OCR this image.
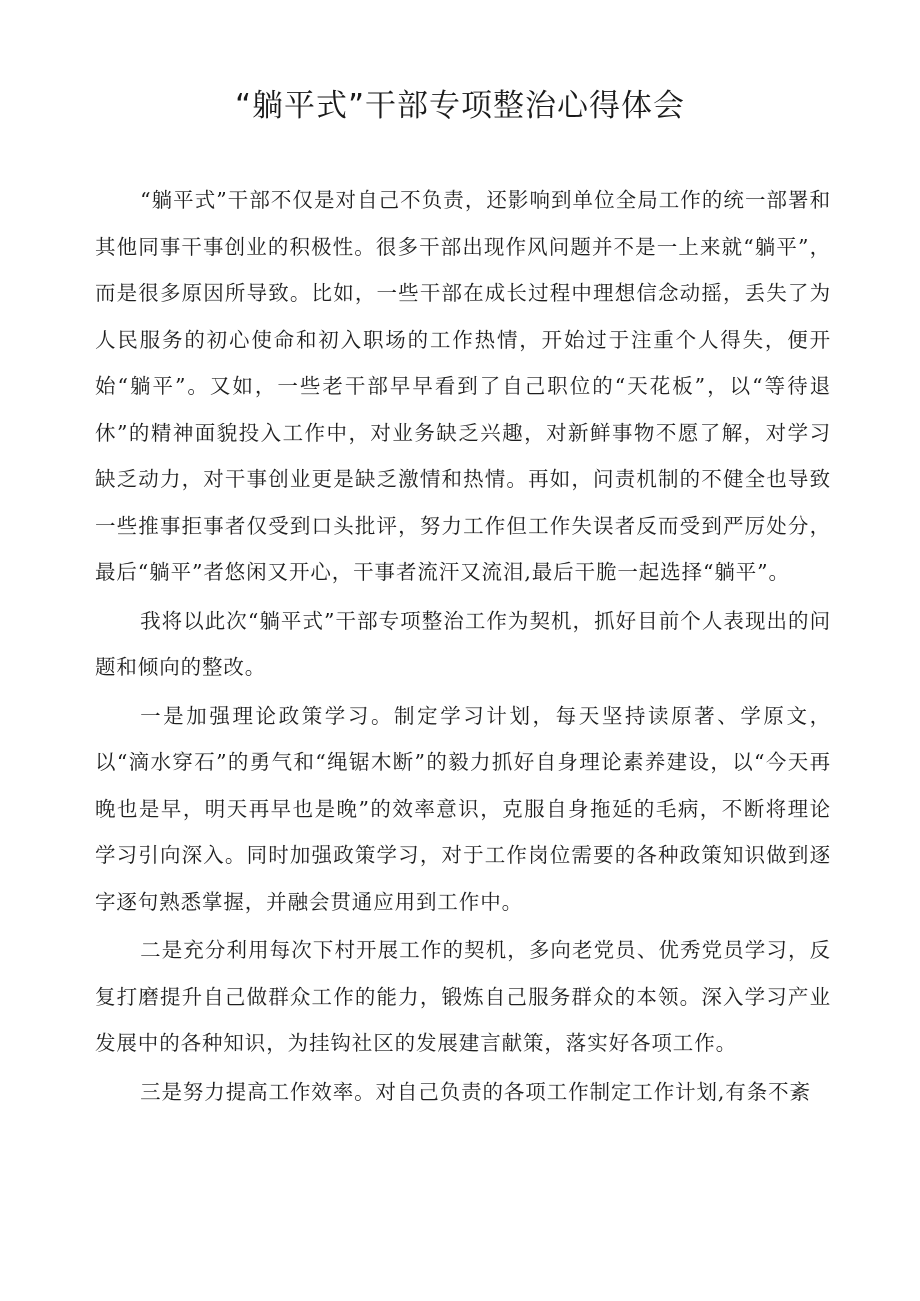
“躺平式”干部专项整治心得体会

“躺平式”干部不仅是对自己不负责，还影响到单位全局工作的统一部署和其他同事干事创业的积极性。很多干部出现作风问题并不是一上来就“躺平”，而是很多原因所导致。比如，一些干部在成长过程中理想信念动摇，丢失了为人民服务的初心使命和初入职场的工作热情，开始过于注重个人得失，便开始“躺平”。又如，一些老干部早早看到了自己职位的“天花板”，以“等待退休”的精神面貌投入工作中，对业务缺乏兴趣，对新鲜事物不愿了解，对学习缺乏动力，对干事创业更是缺乏激情和热情。再如，问责机制的不健全也导致一些推事拒事者仅受到口头批评，努力工作但工作失误者反而受到严厉处分，最后“躺平”者悠闲又开心，干事者流汗又流泪,最后干脆一起选择“躺平”。

我将以此次“躺平式”干部专项整治工作为契机，抓好目前个人表现出的问题和倾向的整改。

一是加强理论政策学习。制定学习计划，每天坚持读原著、学原文，以“滴水穿石”的勇气和“绳锯木断”的毅力抓好自身理论素养建设，以“今天再晚也是早，明天再早也是晚”的效率意识，克服自身拖延的毛病，不断将理论学习引向深入。同时加强政策学习，对于工作岗位需要的各种政策知识做到逐字逐句熟悉掌握，并融会贯通应用到工作中。

二是充分利用每次下村开展工作的契机，多向老党员、优秀党员学习，反复打磨提升自己做群众工作的能力，锻炼自己服务群众的本领。深入学习产业发展中的各种知识，为挂钩社区的发展建言献策，落实好各项工作。

三是努力提高工作效率。对自己负责的各项工作制定工作计划,有条不紊
